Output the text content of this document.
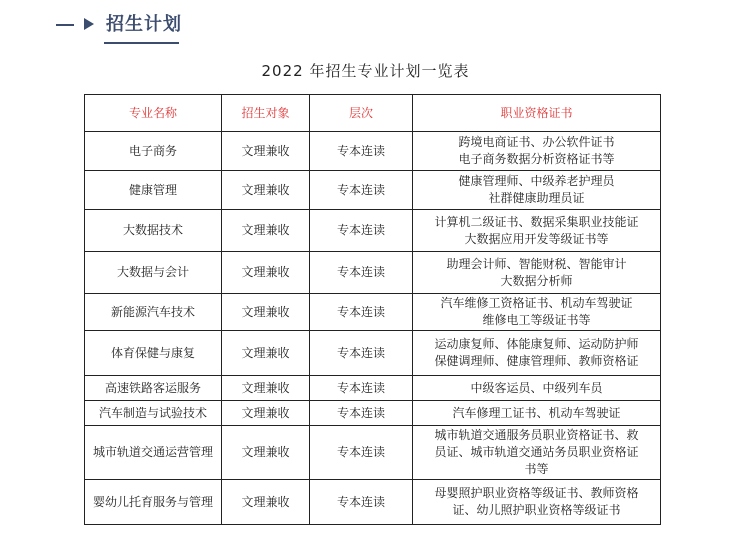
招生计划
2022 年招生专业计划一览表
专业名称	招生对象	层次	职业资格证书
电子商务	文理兼收	专本连读	跨境电商证书、办公软件证书
电子商务数据分析资格证书等
健康管理	文理兼收	专本连读	健康管理师、中级养老护理员
社群健康助理员证
大数据技术	文理兼收	专本连读	计算机二级证书、数据采集职业技能证
大数据应用开发等级证书等
大数据与会计	文理兼收	专本连读	助理会计师、智能财税、智能审计
大数据分析师
新能源汽车技术	文理兼收	专本连读	汽车维修工资格证书、机动车驾驶证
维修电工等级证书等
体育保健与康复	文理兼收	专本连读	运动康复师、体能康复师、运动防护师
保健调理师、健康管理师、教师资格证
高速铁路客运服务	文理兼收	专本连读	中级客运员、中级列车员
汽车制造与试验技术	文理兼收	专本连读	汽车修理工证书、机动车驾驶证
城市轨道交通运营管理	文理兼收	专本连读	城市轨道交通服务员职业资格证书、救
员证、城市轨道交通站务员职业资格证
书等
婴幼儿托育服务与管理	文理兼收	专本连读	母婴照护职业资格等级证书、教师资格
证、幼儿照护职业资格等级证书
